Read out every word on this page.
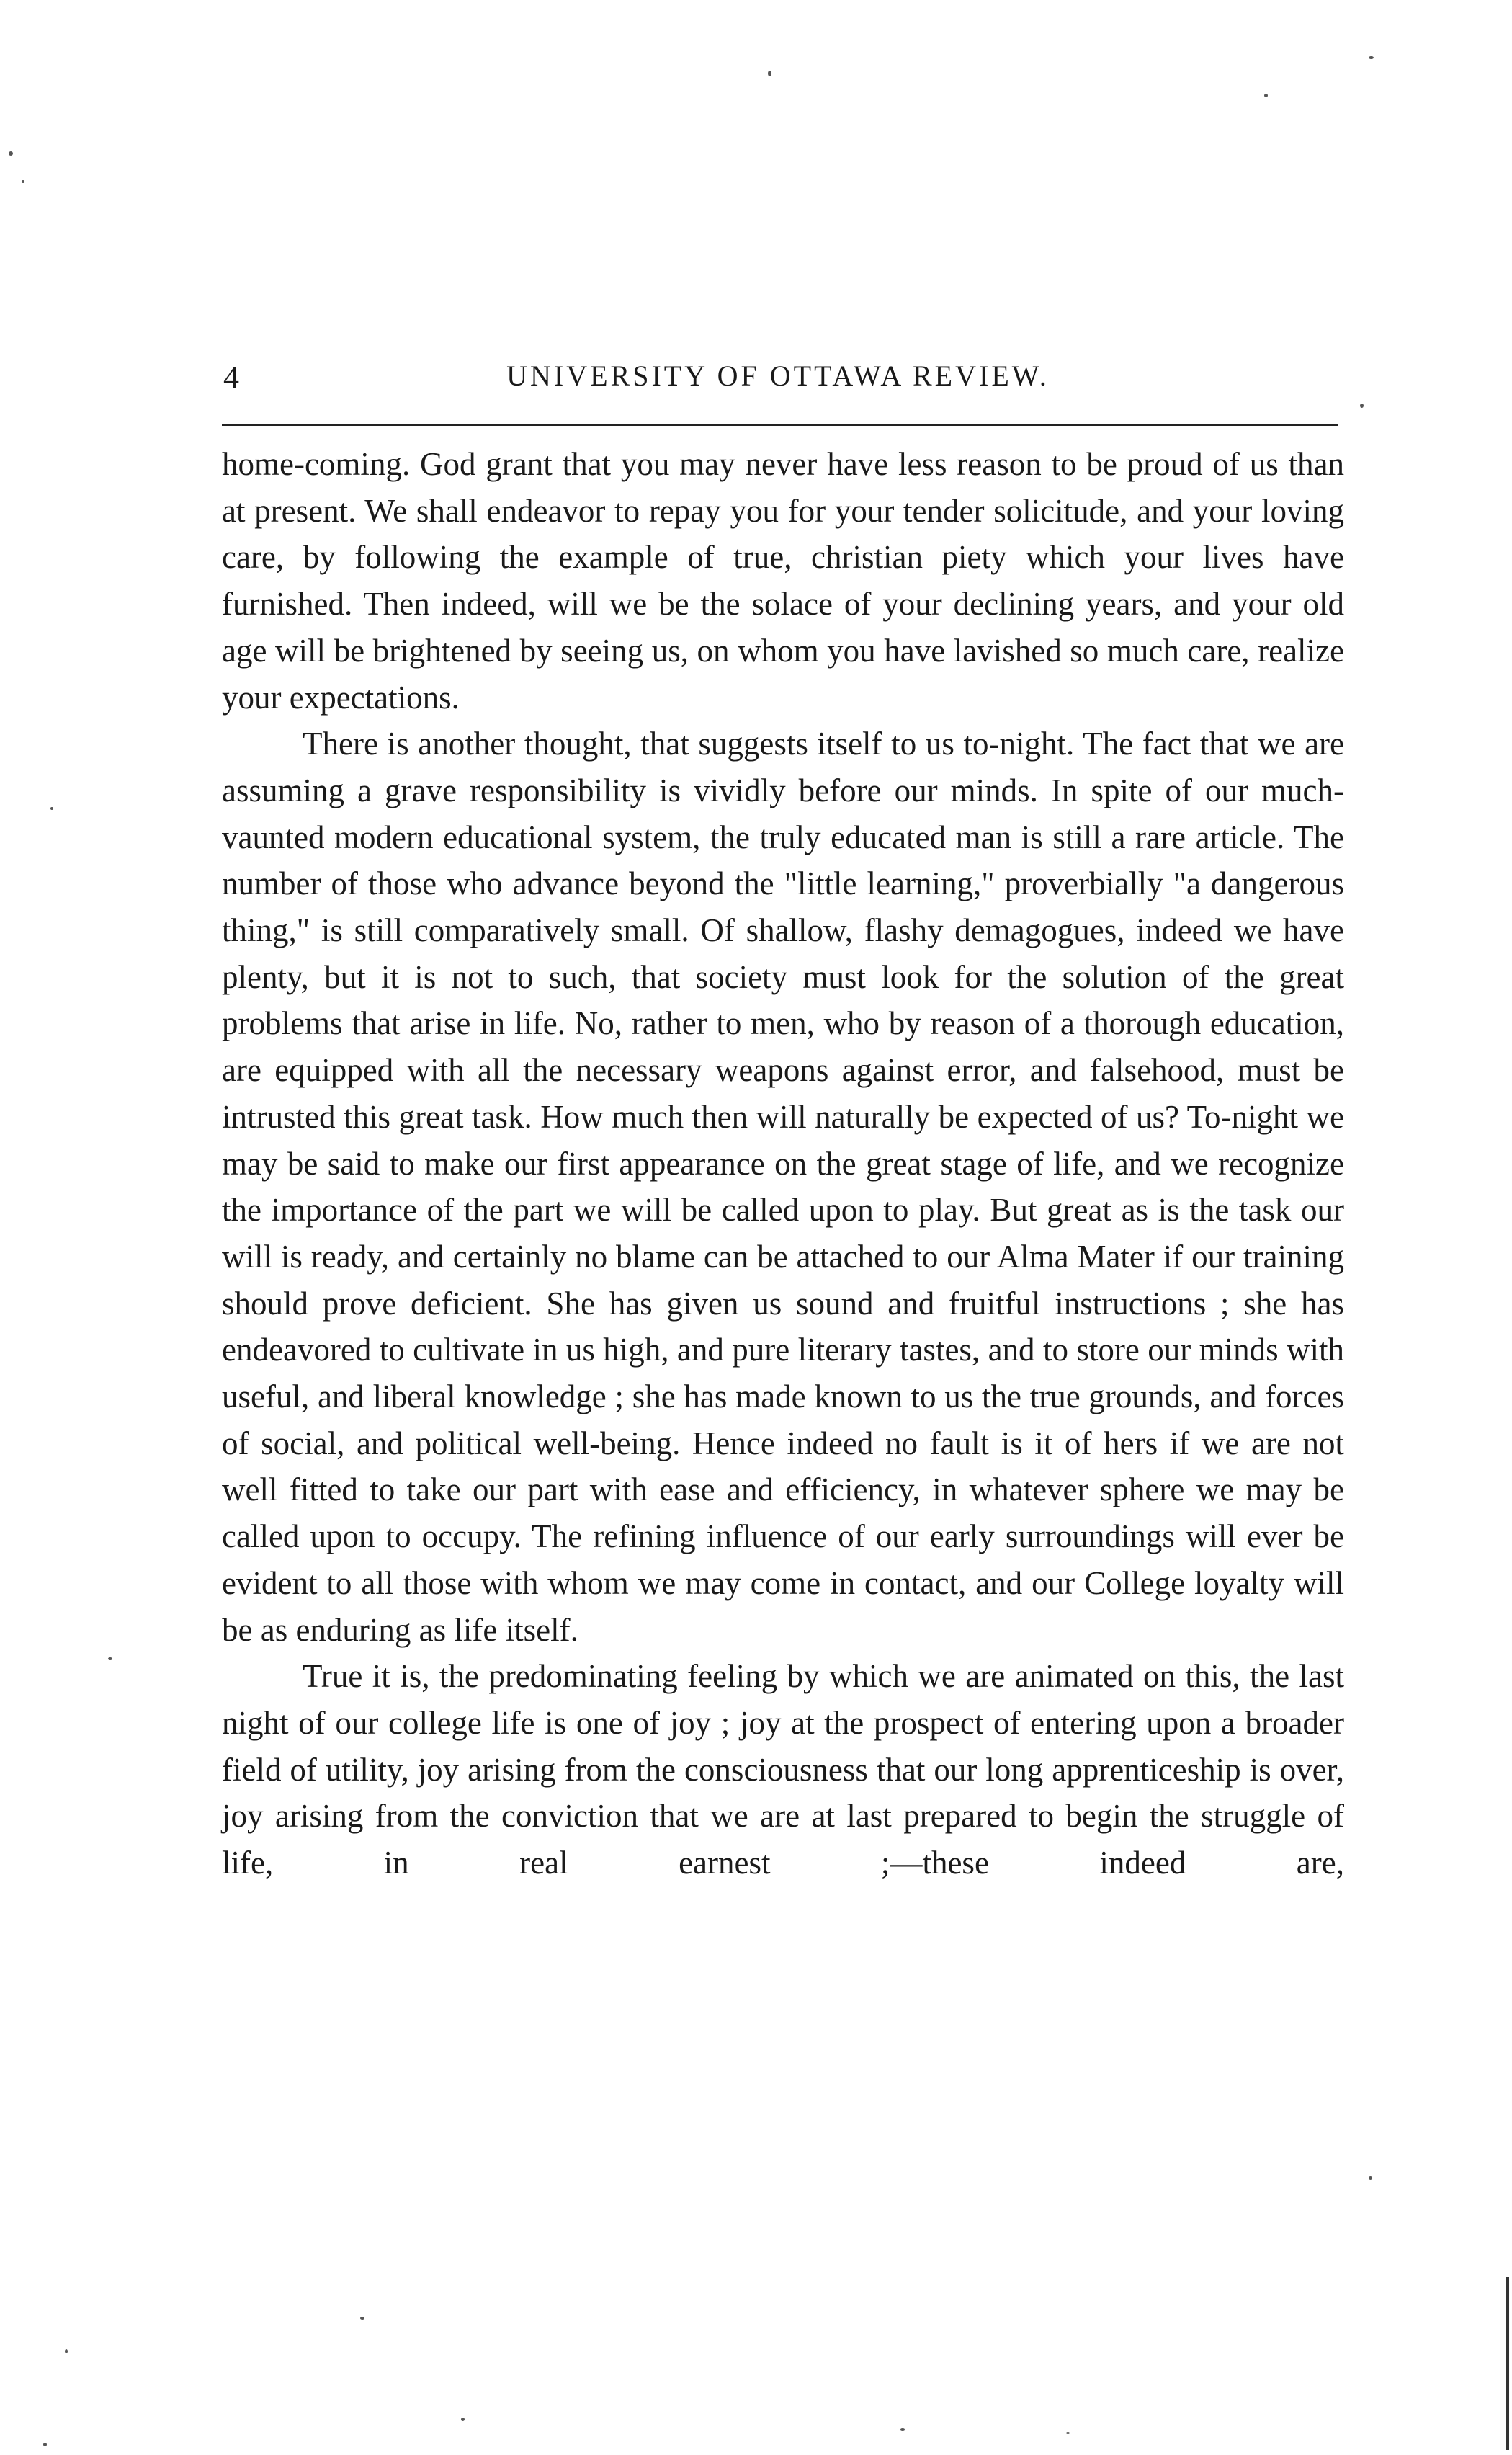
4	UNIVERSITY OF OTTAWA REVIEW.

home-coming. God grant that you may never have less reason to be proud of us than at present. We shall endeavor to repay you for your tender solicitude, and your loving care, by following the example of true, christian piety which your lives have furnished. Then indeed, will we be the solace of your declining years, and your old age will be brightened by seeing us, on whom you have lavished so much care, realize your expectations.

There is another thought, that suggests itself to us to-night. The fact that we are assuming a grave responsibility is vividly before our minds. In spite of our much-vaunted modern educational system, the truly educated man is still a rare article. The number of those who advance beyond the "little learning," proverbially "a dangerous thing," is still comparatively small. Of shallow, flashy demagogues, indeed we have plenty, but it is not to such, that society must look for the solution of the great problems that arise in life. No, rather to men, who by reason of a thorough education, are equipped with all the necessary weapons against error, and falsehood, must be intrusted this great task. How much then will naturally be expected of us? To-night we may be said to make our first appearance on the great stage of life, and we recognize the importance of the part we will be called upon to play. But great as is the task our will is ready, and certainly no blame can be attached to our Alma Mater if our training should prove deficient. She has given us sound and fruitful instructions ; she has endeavored to cultivate in us high, and pure literary tastes, and to store our minds with useful, and liberal knowledge ; she has made known to us the true grounds, and forces of social, and political well-being. Hence indeed no fault is it of hers if we are not well fitted to take our part with ease and efficiency, in whatever sphere we may be called upon to occupy. The refining influence of our early surroundings will ever be evident to all those with whom we may come in contact, and our College loyalty will be as enduring as life itself.

True it is, the predominating feeling by which we are animated on this, the last night of our college life is one of joy ; joy at the prospect of entering upon a broader field of utility, joy arising from the consciousness that our long apprenticeship is over, joy arising from the conviction that we are at last prepared to begin the struggle of life, in real earnest ;—these indeed are,
